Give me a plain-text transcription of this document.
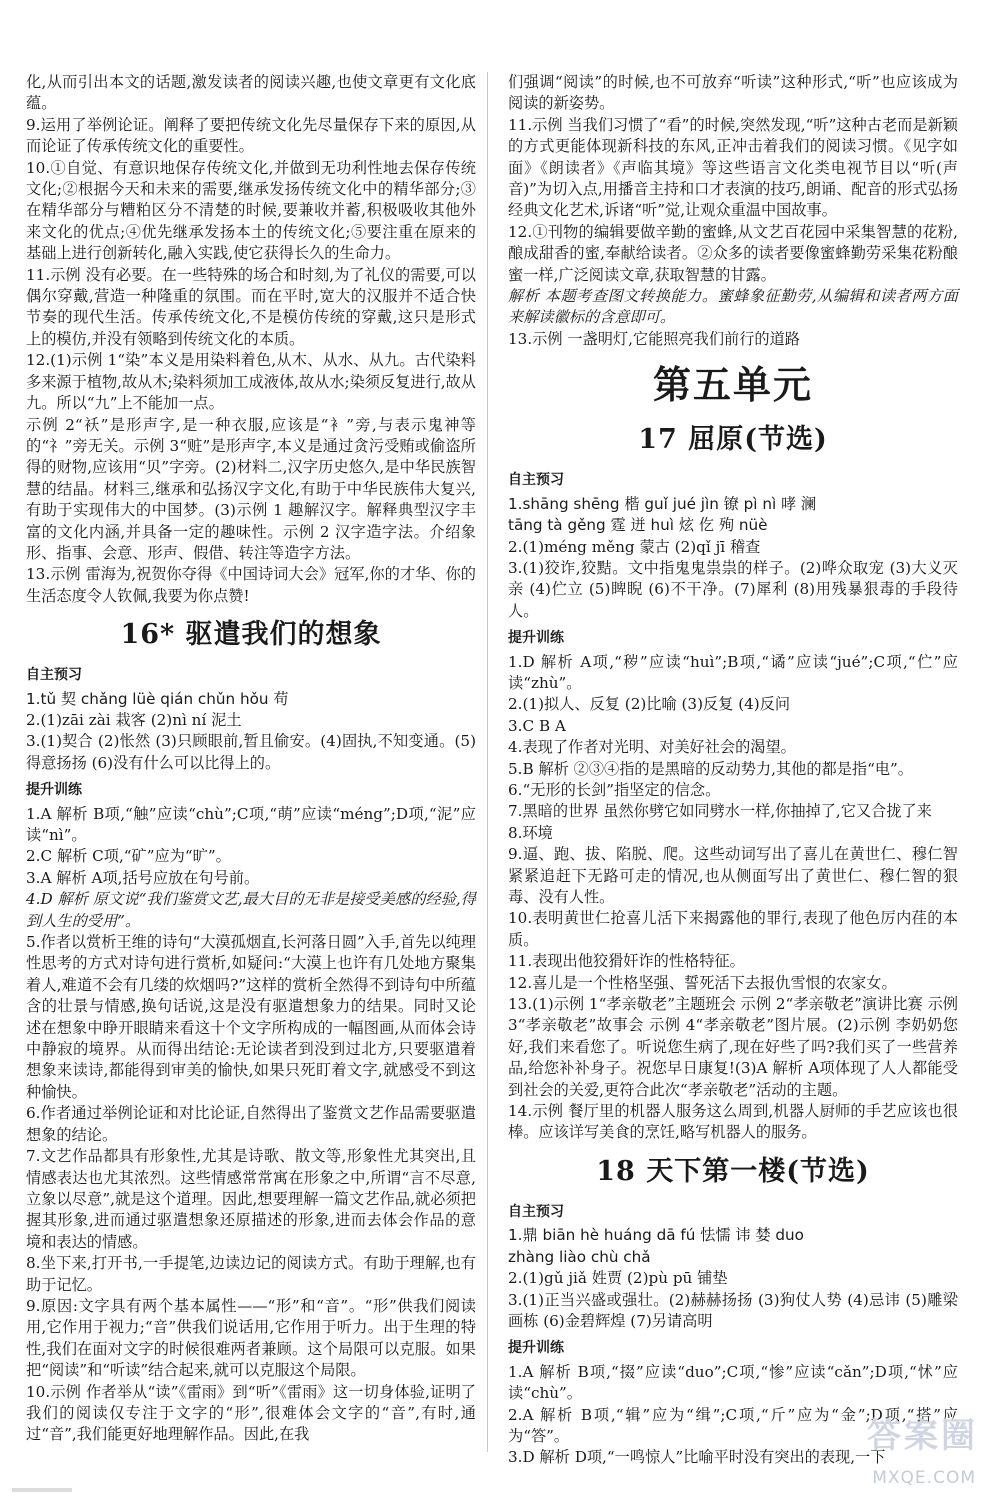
化,从而引出本文的话题,激发读者的阅读兴趣,也使文章更有文化底蕴。

9.运用了举例论证。阐释了要把传统文化先尽量保存下来的原因,从而论证了传承传统文化的重要性。

10.①自觉、有意识地保存传统文化,并做到无功利性地去保存传统文化;②根据今天和未来的需要,继承发扬传统文化中的精华部分;③在精华部分与糟粕区分不清楚的时候,要兼收并蓄,积极吸收其他外来文化的优点;④优先继承发扬本土的传统文化;⑤要注重在原来的基础上进行创新转化,融入实践,使它获得长久的生命力。

11.示例 没有必要。在一些特殊的场合和时刻,为了礼仪的需要,可以偶尔穿戴,营造一种隆重的氛围。而在平时,宽大的汉服并不适合快节奏的现代生活。传承传统文化,不是模仿传统的穿戴,这只是形式上的模仿,并没有领略到传统文化的本质。

12.(1)示例 1“染”本义是用染料着色,从木、从水、从九。古代染料多来源于植物,故从木;染料须加工成液体,故从水;染须反复进行,故从九。所以“九”上不能加一点。

示例 2“袄”是形声字,是一种衣服,应该是“衤”旁,与表示鬼神等的“礻”旁无关。示例 3“赃”是形声字,本义是通过贪污受贿或偷盗所得的财物,应该用“贝”字旁。(2)材料二,汉字历史悠久,是中华民族智慧的结晶。材料三,继承和弘扬汉字文化,有助于中华民族伟大复兴,有助于实现伟大的中国梦。(3)示例 1 趣解汉字。解释典型汉字丰富的文化内涵,并具备一定的趣味性。示例 2 汉字造字法。介绍象形、指事、会意、形声、假借、转注等造字方法。

13.示例 雷海为,祝贺你夺得《中国诗词大会》冠军,你的才华、你的生活态度令人钦佩,我要为你点赞!

16* 驱遣我们的想象
自主预习

1.tǔ 契 chǎng lüè qián chǔn hǒu 苟

2.(1)zāi zài 栽客 (2)nì ní 泥土

3.(1)契合 (2)怅然 (3)只顾眼前,暂且偷安。(4)固执,不知变通。(5)得意扬扬 (6)没有什么可以比得上的。

提升训练

1.A 解析 B项,“触”应读“chù”;C项,“萌”应读“méng”;D项,“泥”应读“nì”。

2.C 解析 C项,“矿”应为“旷”。

3.A 解析 A项,括号应放在句号前。

4.D 解析 原文说“我们鉴赏文艺,最大目的无非是接受美感的经验,得到人生的受用”。

5.作者以赏析王维的诗句“大漠孤烟直,长河落日圆”入手,首先以纯理性思考的方式对诗句进行赏析,如疑问:“大漠上也许有几处地方聚集着人,难道不会有几缕的炊烟吗?”这样的赏析全然得不到诗句中所蕴含的壮景与情感,换句话说,这是没有驱遣想象力的结果。同时又论述在想象中睁开眼睛来看这十个文字所构成的一幅图画,从而体会诗中静寂的境界。从而得出结论:无论读者到没到过北方,只要驱遣着想象来读诗,都能得到审美的愉快,如果只死盯着文字,就感受不到这种愉快。

6.作者通过举例论证和对比论证,自然得出了鉴赏文艺作品需要驱遣想象的结论。

7.文艺作品都具有形象性,尤其是诗歌、散文等,形象性尤其突出,且情感表达也尤其浓烈。这些情感常常寓在形象之中,所谓“言不尽意,立象以尽意”,就是这个道理。因此,想要理解一篇文艺作品,就必须把握其形象,进而通过驱遣想象还原描述的形象,进而去体会作品的意境和表达的情感。

8.坐下来,打开书,一手提笔,边读边记的阅读方式。有助于理解,也有助于记忆。

9.原因:文字具有两个基本属性——“形”和“音”。“形”供我们阅读用,它作用于视力;“音”供我们说话用,它作用于听力。出于生理的特性,我们在面对文字的时候很难两者兼顾。这个局限可以克服。如果把“阅读”和“听读”结合起来,就可以克服这个局限。

10.示例 作者举从“读”《雷雨》到“听”《雷雨》这一切身体验,证明了我们的阅读仅专注于文字的“形”,很难体会文字的“音”,有时,通过“音”,我们能更好地理解作品。因此,在我

们强调“阅读”的时候,也不可放弃“听读”这种形式,“听”也应该成为阅读的新姿势。

11.示例 当我们习惯了“看”的时候,突然发现,“听”这种古老而是新颖的方式更能体现新科技的东风,正冲击着我们的阅读习惯。《见字如面》《朗读者》《声临其境》等这些语言文化类电视节目以“听(声音)”为切入点,用播音主持和口才表演的技巧,朗诵、配音的形式弘扬经典文化艺术,诉诸“听”觉,让观众重温中国故事。

12.①刊物的编辑要做辛勤的蜜蜂,从文艺百花园中采集智慧的花粉,酿成甜香的蜜,奉献给读者。②众多的读者要像蜜蜂勤劳采集花粉酿蜜一样,广泛阅读文章,获取智慧的甘露。

解析 本题考查图文转换能力。蜜蜂象征勤劳,从编辑和读者两方面来解读徽标的含意即可。

13.示例 一盏明灯,它能照亮我们前行的道路

第五单元
17 屈原(节选)
自主预习

1.shāng shēng 楷 guǐ jué jìn 镣 pì nì 哮 澜

tāng tà gěng 霆 迸 huì 炫 仡 殉 nüè

2.(1)méng měng 蒙古 (2)qǐ jī 稽查

3.(1)狡诈,狡黠。文中指鬼鬼祟祟的样子。(2)哗众取宠 (3)大义灭亲 (4)伫立 (5)睥睨 (6)不干净。(7)犀利 (8)用残暴狠毒的手段待人。

提升训练

1.D 解析 A项,“秽”应读“huì”;B项,“谲”应读“jué”;C项,“伫”应读“zhù”。

2.(1)拟人、反复 (2)比喻 (3)反复 (4)反问

3.C B A

4.表现了作者对光明、对美好社会的渴望。

5.B 解析 ②③④指的是黑暗的反动势力,其他的都是指“电”。

6.“无形的长剑”指坚定的信念。

7.黑暗的世界 虽然你劈它如同劈水一样,你抽掉了,它又合拢了来

8.环境

9.逼、跑、拔、陷脱、爬。这些动词写出了喜儿在黄世仁、穆仁智紧紧追赶下无路可走的情况,也从侧面写出了黄世仁、穆仁智的狠毒、没有人性。

10.表明黄世仁抢喜儿活下来揭露他的罪行,表现了他色厉内荏的本质。

11.表现出他狡猾奸诈的性格特征。

12.喜儿是一个性格坚强、誓死活下去报仇雪恨的农家女。

13.(1)示例 1“孝亲敬老”主题班会 示例 2“孝亲敬老”演讲比赛 示例 3“孝亲敬老”故事会 示例 4“孝亲敬老”图片展。(2)示例 李奶奶您好,我们来看您了。听说您生病了,现在好些了吗?我们买了一些营养品,给您补补身子。祝您早日康复!(3)A 解析 A项体现了人人都能受到社会的关爱,更符合此次“孝亲敬老”活动的主题。

14.示例 餐厅里的机器人服务这么周到,机器人厨师的手艺应该也很棒。应该详写美食的烹饪,略写机器人的服务。

18 天下第一楼(节选)
自主预习

1.鼎 biān hè huáng dā fú 怯懦 讳 婪 duo

zhàng liào chù chǎ

2.(1)gǔ jiǎ 姓贾 (2)pù pū 铺垫

3.(1)正当兴盛或强壮。(2)赫赫扬扬 (3)狗仗人势 (4)忌讳 (5)雕梁画栋 (6)金碧辉煌 (7)另请高明

提升训练

1.A 解析 B项,“掇”应读“duo”;C项,“惨”应读“cǎn”;D项,“怵”应读“chù”。

2.A 解析 B项,“辑”应为“缉”;C项,“斤”应为“金”;D项,“搭”应为“答”。

3.D 解析 D项,“一鸣惊人”比喻平时没有突出的表现,一下

答案圈
MXQE.COM
